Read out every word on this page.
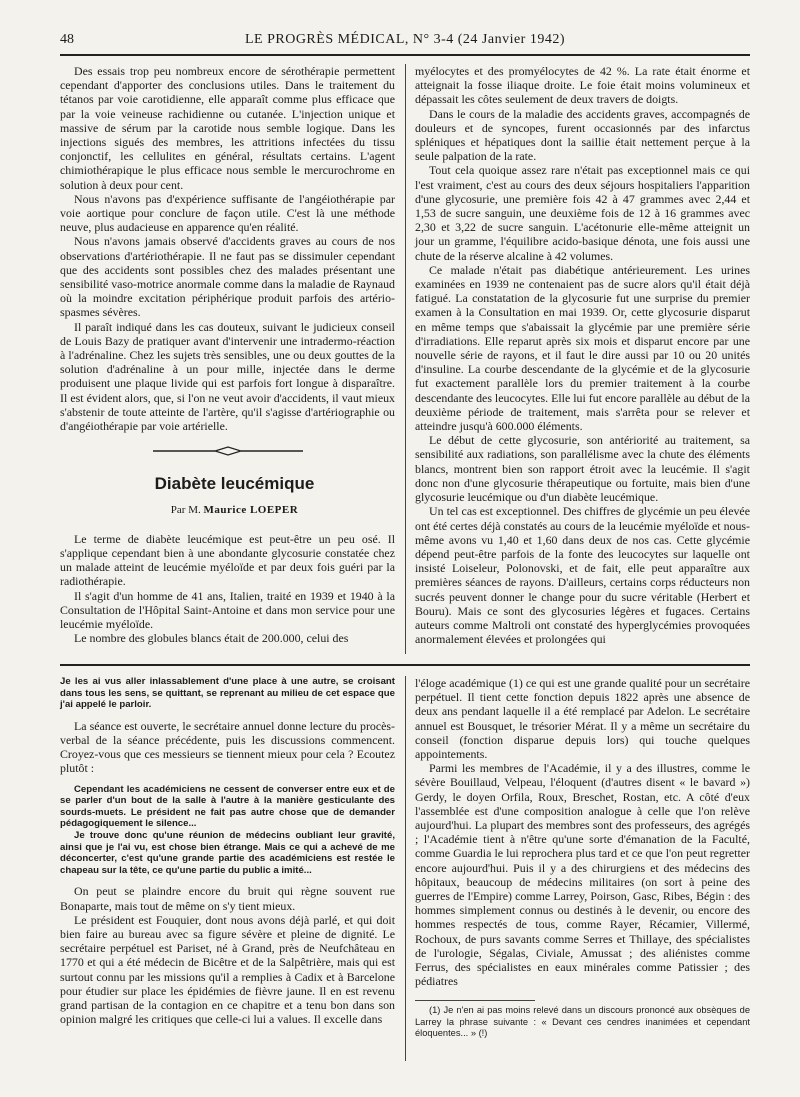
48	LE PROGRÈS MÉDICAL, N° 3-4 (24 Janvier 1942)

Des essais trop peu nombreux encore de sérothérapie permettent cependant d'apporter des conclusions utiles. Dans le traitement du tétanos par voie carotidienne, elle apparaît comme plus efficace que par la voie veineuse rachidienne ou cutanée. L'injection unique et massive de sérum par la carotide nous semble logique. Dans les injections sigués des membres, les attritions infectées du tissu conjonctif, les cellulites en général, résultats certains. L'agent chimiothérapique le plus efficace nous semble le mercurochrome en solution à deux pour cent.

Nous n'avons pas d'expérience suffisante de l'angéiothérapie par voie aortique pour conclure de façon utile. C'est là une méthode neuve, plus audacieuse en apparence qu'en réalité.

Nous n'avons jamais observé d'accidents graves au cours de nos observations d'artériothérapie. Il ne faut pas se dissimuler cependant que des accidents sont possibles chez des malades présentant une sensibilité vaso-motrice anormale comme dans la maladie de Raynaud où la moindre excitation périphérique produit parfois des artério-spasmes sévères.

Il paraît indiqué dans les cas douteux, suivant le judicieux conseil de Louis Bazy de pratiquer avant d'intervenir une intradermo-réaction à l'adrénaline. Chez les sujets très sensibles, une ou deux gouttes de la solution d'adrénaline à un pour mille, injectée dans le derme produisent une plaque livide qui est parfois fort longue à disparaître. Il est évident alors, que, si l'on ne veut avoir d'accidents, il vaut mieux s'abstenir de toute atteinte de l'artère, qu'il s'agisse d'artériographie ou d'angéiothérapie par voie artérielle.

Diabète leucémique

Par M. Maurice LOEPER

Le terme de diabète leucémique est peut-être un peu osé. Il s'applique cependant bien à une abondante glycosurie constatée chez un malade atteint de leucémie myéloïde et par deux fois guéri par la radiothérapie.

Il s'agit d'un homme de 41 ans, Italien, traité en 1939 et 1940 à la Consultation de l'Hôpital Saint-Antoine et dans mon service pour une leucémie myéloïde.

Le nombre des globules blancs était de 200.000, celui des

myélocytes et des promyélocytes de 42 %. La rate était énorme et atteignait la fosse iliaque droite. Le foie était moins volumineux et dépassait les côtes seulement de deux travers de doigts.

Dans le cours de la maladie des accidents graves, accompagnés de douleurs et de syncopes, furent occasionnés par des infarctus spléniques et hépatiques dont la saillie était nettement perçue à la seule palpation de la rate.

Tout cela quoique assez rare n'était pas exceptionnel mais ce qui l'est vraiment, c'est au cours des deux séjours hospitaliers l'apparition d'une glycosurie, une première fois 42 à 47 grammes avec 2,44 et 1,53 de sucre sanguin, une deuxième fois de 12 à 16 grammes avec 2,30 et 3,22 de sucre sanguin. L'acétonurie elle-même atteignit un jour un gramme, l'équilibre acido-basique dénota, une fois aussi une chute de la réserve alcaline à 42 volumes.

Ce malade n'était pas diabétique antérieurement. Les urines examinées en 1939 ne contenaient pas de sucre alors qu'il était déjà fatigué. La constatation de la glycosurie fut une surprise du premier examen à la Consultation en mai 1939. Or, cette glycosurie disparut en même temps que s'abaissait la glycémie par une première série d'irradiations. Elle reparut après six mois et disparut encore par une nouvelle série de rayons, et il faut le dire aussi par 10 ou 20 unités d'insuline. La courbe descendante de la glycémie et de la glycosurie fut exactement parallèle lors du premier traitement à la courbe descendante des leucocytes. Elle lui fut encore parallèle au début de la deuxième période de traitement, mais s'arrêta pour se relever et atteindre jusqu'à 600.000 éléments.

Le début de cette glycosurie, son antériorité au traitement, sa sensibilité aux radiations, son parallélisme avec la chute des éléments blancs, montrent bien son rapport étroit avec la leucémie. Il s'agit donc non d'une glycosurie thérapeutique ou fortuite, mais bien d'une glycosurie leucémique ou d'un diabète leucémique.

Un tel cas est exceptionnel. Des chiffres de glycémie un peu élevée ont été certes déjà constatés au cours de la leucémie myéloïde et nous-même avons vu 1,40 et 1,60 dans deux de nos cas. Cette glycémie dépend peut-être parfois de la fonte des leucocytes sur laquelle ont insisté Loiseleur, Polonovski, et de fait, elle peut apparaître aux premières séances de rayons. D'ailleurs, certains corps réducteurs non sucrés peuvent donner le change pour du sucre véritable (Herbert et Bouru). Mais ce sont des glycosuries légères et fugaces. Certains auteurs comme Maltroli ont constaté des hyperglycémies provoquées anormalement élevées et prolongées qui

Je les ai vus aller inlassablement d'une place à une autre, se croisant dans tous les sens, se quittant, se reprenant au milieu de cet espace que j'ai appelé le parloir.

La séance est ouverte, le secrétaire annuel donne lecture du procès-verbal de la séance précédente, puis les discussions commencent. Croyez-vous que ces messieurs se tiennent mieux pour cela ? Ecoutez plutôt :

Cependant les académiciens ne cessent de converser entre eux et de se parler d'un bout de la salle à l'autre à la manière gesticulante des sourds-muets. Le président ne fait pas autre chose que de demander pédagogiquement le silence...

Je trouve donc qu'une réunion de médecins oubliant leur gravité, ainsi que je l'ai vu, est chose bien étrange. Mais ce qui a achevé de me déconcerter, c'est qu'une grande partie des académiciens est restée le chapeau sur la tête, ce qu'une partie du public a imité...

On peut se plaindre encore du bruit qui règne souvent rue Bonaparte, mais tout de même on s'y tient mieux.

Le président est Fouquier, dont nous avons déjà parlé, et qui doit bien faire au bureau avec sa figure sévère et pleine de dignité. Le secrétaire perpétuel est Pariset, né à Grand, près de Neufchâteau en 1770 et qui a été médecin de Bicêtre et de la Salpêtrière, mais qui est surtout connu par les missions qu'il a remplies à Cadix et à Barcelone pour étudier sur place les épidémies de fièvre jaune. Il en est revenu grand partisan de la contagion en ce chapitre et a tenu bon dans son opinion malgré les critiques que celle-ci lui a values. Il excelle dans

l'éloge académique (1) ce qui est une grande qualité pour un secrétaire perpétuel. Il tient cette fonction depuis 1822 après une absence de deux ans pendant laquelle il a été remplacé par Adelon. Le secrétaire annuel est Bousquet, le trésorier Mérat. Il y a même un secrétaire du conseil (fonction disparue depuis lors) qui touche quelques appointements.

Parmi les membres de l'Académie, il y a des illustres, comme le sévère Bouillaud, Velpeau, l'éloquent (d'autres disent « le bavard ») Gerdy, le doyen Orfila, Roux, Breschet, Rostan, etc. A côté d'eux l'assemblée est d'une composition analogue à celle que l'on relève aujourd'hui. La plupart des membres sont des professeurs, des agrégés ; l'Académie tient à n'être qu'une sorte d'émanation de la Faculté, comme Guardia le lui reprochera plus tard et ce que l'on peut regretter encore aujourd'hui. Puis il y a des chirurgiens et des médecins des hôpitaux, beaucoup de médecins militaires (on sort à peine des guerres de l'Empire) comme Larrey, Poirson, Gasc, Ribes, Bégin : des hommes simplement connus ou destinés à le devenir, ou encore des hommes respectés de tous, comme Rayer, Récamier, Villermé, Rochoux, de purs savants comme Serres et Thillaye, des spécialistes de l'urologie, Ségalas, Civiale, Amussat ; des aliénistes comme Ferrus, des spécialistes en eaux minérales comme Patissier ; des pédiatres

(1) Je n'en ai pas moins relevé dans un discours prononcé aux obsèques de Larrey la phrase suivante : « Devant ces cendres inanimées et cependant éloquentes... » (!)
